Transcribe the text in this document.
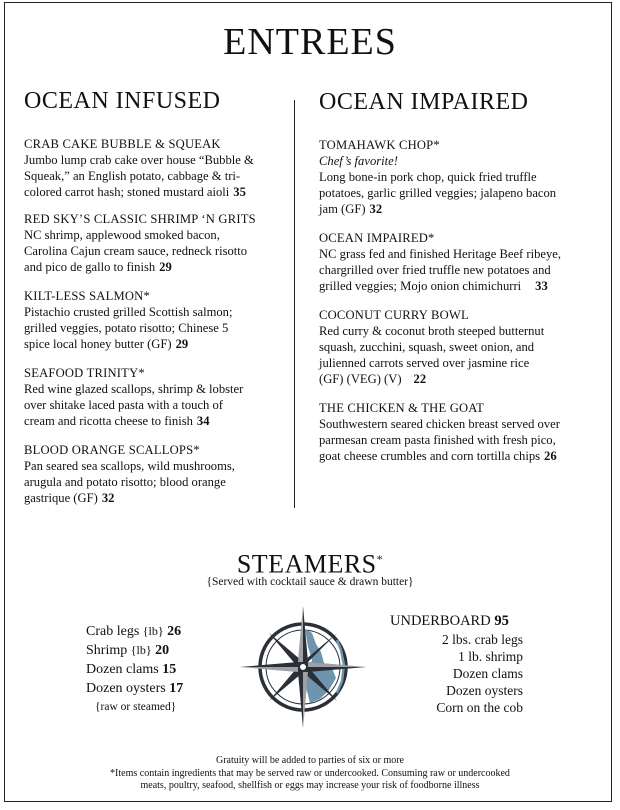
ENTREES
OCEAN INFUSED
CRAB CAKE BUBBLE & SQUEAK
Jumbo lump crab cake over house “Bubble &
Squeak,” an English potato, cabbage & tri-
colored carrot hash; stoned mustard aioli 35
RED SKY’S CLASSIC SHRIMP ‘N GRITS
NC shrimp, applewood smoked bacon,
Carolina Cajun cream sauce, redneck risotto
and pico de gallo to finish 29
KILT-LESS SALMON*
Pistachio crusted grilled Scottish salmon;
grilled veggies, potato risotto; Chinese 5
spice local honey butter (GF) 29
SEAFOOD TRINITY*
Red wine glazed scallops, shrimp & lobster
over shitake laced pasta with a touch of
cream and ricotta cheese to finish 34
BLOOD ORANGE SCALLOPS*
Pan seared sea scallops, wild mushrooms,
arugula and potato risotto; blood orange
gastrique (GF) 32
OCEAN IMPAIRED
TOMAHAWK CHOP*
Chef’s favorite!
Long bone-in pork chop, quick fried truffle
potatoes, garlic grilled veggies; jalapeno bacon
jam (GF) 32
OCEAN IMPAIRED*
NC grass fed and finished Heritage Beef ribeye,
chargrilled over fried truffle new potatoes and
grilled veggies; Mojo onion chimichurri 33
COCONUT CURRY BOWL
Red curry & coconut broth steeped butternut
squash, zucchini, squash, sweet onion, and
julienned carrots served over jasmine rice
(GF) (VEG) (V) 22
THE CHICKEN & THE GOAT
Southwestern seared chicken breast served over
parmesan cream pasta finished with fresh pico,
goat cheese crumbles and corn tortilla chips 26
STEAMERS*
{Served with cocktail sauce & drawn butter}
Crab legs {lb} 26
Shrimp {lb} 20
Dozen clams 15
Dozen oysters 17
{raw or steamed}
UNDERBOARD 95
2 lbs. crab legs
1 lb. shrimp
Dozen clams
Dozen oysters
Corn on the cob
Gratuity will be added to parties of six or more
*Items contain ingredients that may be served raw or undercooked. Consuming raw or undercooked
meats, poultry, seafood, shellfish or eggs may increase your risk of foodborne illness
